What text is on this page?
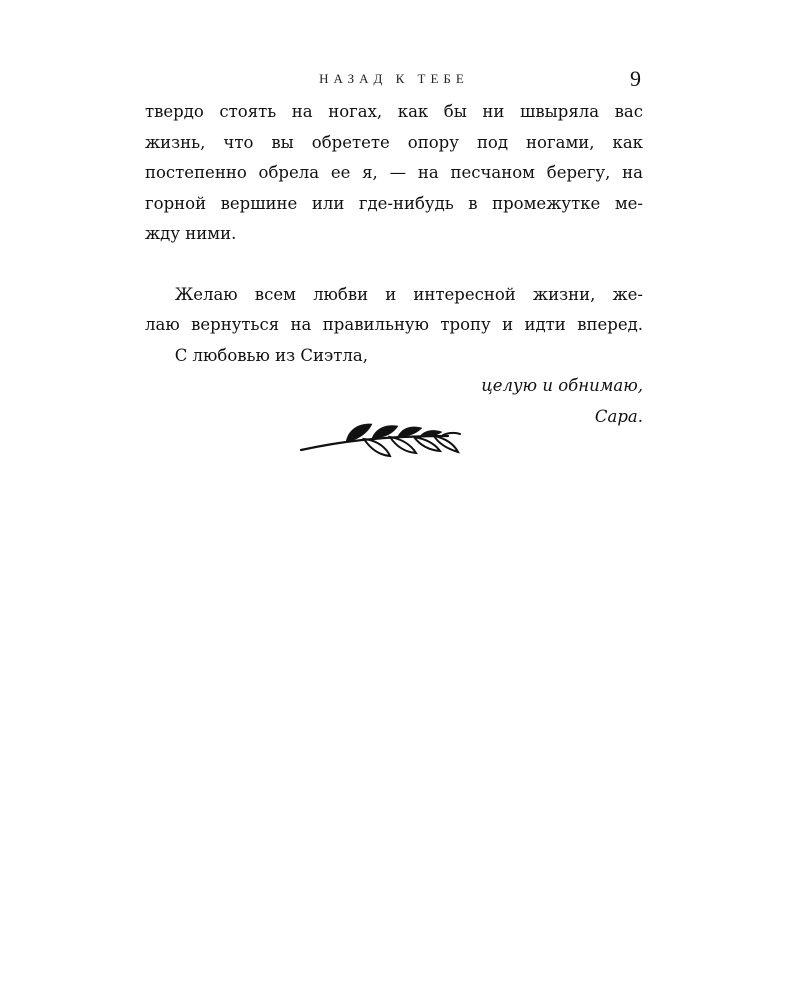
НАЗАД К ТЕБЕ	9
твердо стоять на ногах, как бы ни швыряла вас
жизнь, что вы обретете опору под ногами, как
постепенно обрела ее я, — на песчаном берегу, на
горной вершине или где-нибудь в промежутке ме-
жду ними.
Желаю всем любви и интересной жизни, же-
лаю вернуться на правильную тропу и идти вперед.
С любовью из Сиэтла,
целую и обнимаю,
Сара.
